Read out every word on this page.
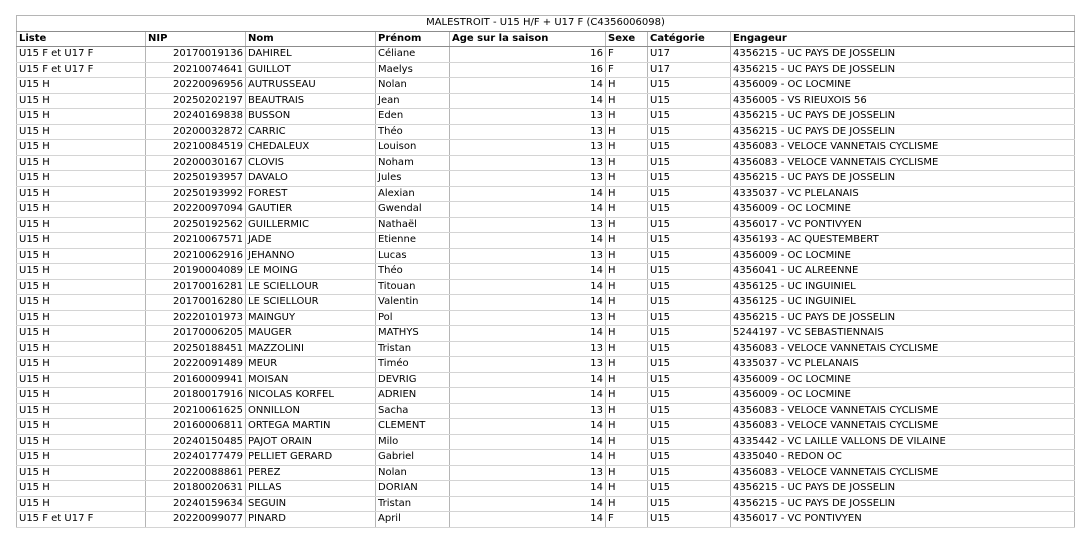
MALESTROIT - U15 H/F + U17 F (C4356006098)							
Liste	NIP	Nom	Prénom	Age sur la saison	Sexe	Catégorie	Engageur
U15 F et U17 F	20170019136	DAHIREL	Céliane	16	F	U17	4356215 - UC PAYS DE JOSSELIN
U15 F et U17 F	20210074641	GUILLOT	Maelys	16	F	U17	4356215 - UC PAYS DE JOSSELIN
U15 H	20220096956	AUTRUSSEAU	Nolan	14	H	U15	4356009 - OC LOCMINE
U15 H	20250202197	BEAUTRAIS	Jean	14	H	U15	4356005 - VS RIEUXOIS 56
U15 H	20240169838	BUSSON	Eden	13	H	U15	4356215 - UC PAYS DE JOSSELIN
U15 H	20200032872	CARRIC	Théo	13	H	U15	4356215 - UC PAYS DE JOSSELIN
U15 H	20210084519	CHEDALEUX	Louison	13	H	U15	4356083 - VELOCE VANNETAIS CYCLISME
U15 H	20200030167	CLOVIS	Noham	13	H	U15	4356083 - VELOCE VANNETAIS CYCLISME
U15 H	20250193957	DAVALO	Jules	13	H	U15	4356215 - UC PAYS DE JOSSELIN
U15 H	20250193992	FOREST	Alexian	14	H	U15	4335037 - VC PLELANAIS
U15 H	20220097094	GAUTIER	Gwendal	14	H	U15	4356009 - OC LOCMINE
U15 H	20250192562	GUILLERMIC	Nathaël	13	H	U15	4356017 - VC PONTIVYEN
U15 H	20210067571	JADE	Etienne	14	H	U15	4356193 - AC QUESTEMBERT
U15 H	20210062916	JEHANNO	Lucas	13	H	U15	4356009 - OC LOCMINE
U15 H	20190004089	LE MOING	Théo	14	H	U15	4356041 - UC ALREENNE
U15 H	20170016281	LE SCIELLOUR	Titouan	14	H	U15	4356125 - UC INGUINIEL
U15 H	20170016280	LE SCIELLOUR	Valentin	14	H	U15	4356125 - UC INGUINIEL
U15 H	20220101973	MAINGUY	Pol	13	H	U15	4356215 - UC PAYS DE JOSSELIN
U15 H	20170006205	MAUGER	MATHYS	14	H	U15	5244197 - VC SEBASTIENNAIS
U15 H	20250188451	MAZZOLINI	Tristan	13	H	U15	4356083 - VELOCE VANNETAIS CYCLISME
U15 H	20220091489	MEUR	Timéo	13	H	U15	4335037 - VC PLELANAIS
U15 H	20160009941	MOISAN	DEVRIG	14	H	U15	4356009 - OC LOCMINE
U15 H	20180017916	NICOLAS KORFEL	ADRIEN	14	H	U15	4356009 - OC LOCMINE
U15 H	20210061625	ONNILLON	Sacha	13	H	U15	4356083 - VELOCE VANNETAIS CYCLISME
U15 H	20160006811	ORTEGA MARTIN	CLEMENT	14	H	U15	4356083 - VELOCE VANNETAIS CYCLISME
U15 H	20240150485	PAJOT ORAIN	Milo	14	H	U15	4335442 - VC LAILLE VALLONS DE VILAINE
U15 H	20240177479	PELLIET GERARD	Gabriel	14	H	U15	4335040 - REDON OC
U15 H	20220088861	PEREZ	Nolan	13	H	U15	4356083 - VELOCE VANNETAIS CYCLISME
U15 H	20180020631	PILLAS	DORIAN	14	H	U15	4356215 - UC PAYS DE JOSSELIN
U15 H	20240159634	SEGUIN	Tristan	14	H	U15	4356215 - UC PAYS DE JOSSELIN
U15 F et U17 F	20220099077	PINARD	April	14	F	U15	4356017 - VC PONTIVYEN
